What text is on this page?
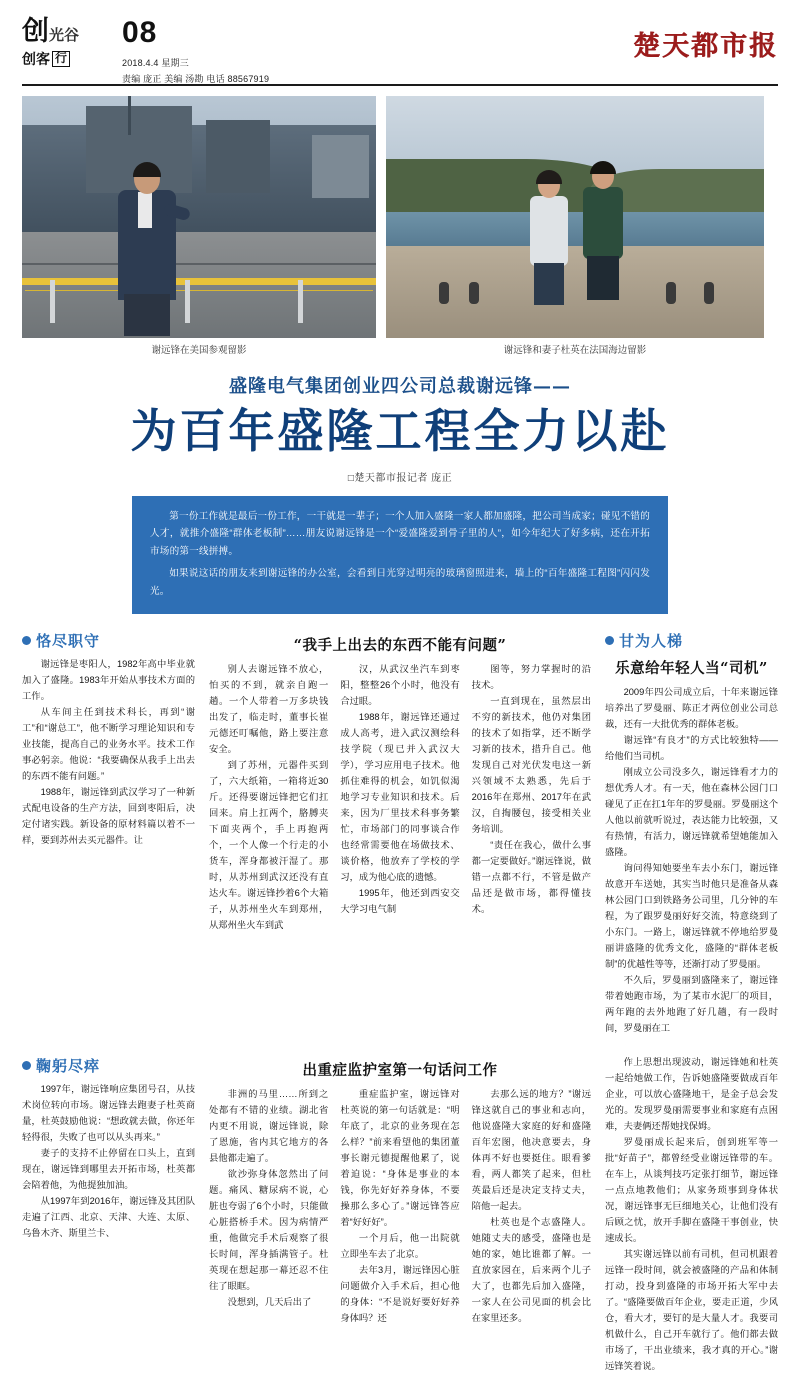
创 光谷
创客 行
08
2018.4.4 星期三
责编 庞正 美编 汤勘 电话 88567919
楚天都市报
谢远锋在美国参观留影	谢远锋和妻子杜英在法国海边留影
盛隆电气集团创业四公司总裁谢远锋——
为百年盛隆工程全力以赴
□楚天都市报记者 庞正

第一份工作就是最后一份工作，一干就是一辈子；一个人加入盛隆一家人都加盛隆，把公司当成家；碰见不错的人才，就推介盛隆“群体老板制”……朋友说谢远锋是一个“爱盛隆爱到骨子里的人”，如今年纪大了好多病，还在开拓市场的第一线拼搏。

如果说这话的朋友来到谢远锋的办公室，会看到日光穿过明亮的玻璃窗照进来，墙上的“百年盛隆工程图”闪闪发光。

恪尽职守

谢远锋是枣阳人，1982年高中毕业就加入了盛隆。1983年开始从事技术方面的工作。

从车间主任到技术科长，再到“谢工”和“谢总工”，他不断学习理论知识和专业技能，提高自己的业务水平。技术工作事必躬亲。他说：“我要确保从我手上出去的东西不能有问题。”

1988年，谢远锋到武汉学习了一种新式配电设备的生产方法，回到枣阳后，决定付诸实践。新设备的原材料篇以着不一样，要到苏州去买元器件。让

“我手上出去的东西不能有问题”

别人去谢远锋不放心，怕买的不到，就亲自跑一趟。一个人带着一万多块钱出发了，临走时，董事长崔元德还叮嘱他，路上要注意安全。

到了苏州，元器件买到了，六大纸箱，一箱将近30斤。还得要谢远锋把它们扛回来。肩上扛两个，胳膊夹下面夹两个，手上再抱两个，一个人像一个行走的小货车，浑身都被汗湿了。那时，从苏州到武汉还没有直达火车。谢远锋抄着6个大箱子，从苏州坐火车到郑州，从郑州坐火车到武

汉，从武汉坐汽车到枣阳，整整26个小时，他没有合过眼。

1988年，谢远锋还通过成人高考，进入武汉测绘科技学院（现已并入武汉大学），学习应用电子技术。他抓住难得的机会，如饥似渴地学习专业知识和技术。后来，因为厂里技术科事务繁忙，市场部门的同事谈合作也经常需要他在场做技术、谈价格，他放弃了学校的学习，成为他心底的遗憾。

1995年，他还到西安交大学习电气制

图等，努力掌握时的沿技术。

一直到现在，虽然层出不穷的新技术，他仍对集团的技术了如指掌，还不断学习新的技术，措升自己。他发现自己对光伏发电这一新兴领域不太熟悉，先后于2016年在郑州、2017年在武汉，自掏腰包，接受相关业务培训。

“责任在我心，做什么事都一定要做好。”谢远锋说，做错一点都不行，不管是做产品还是做市场，都得懂技术。

甘为人梯
乐意给年轻人当“司机”

2009年四公司成立后，十年来谢远锋培养出了罗曼丽、陈正才两位创业公司总裁，还有一大批优秀的群体老板。

谢远锋“有良才”的方式比较独特——给他们当司机。

刚成立公司没多久，谢远锋看才力的想优秀人才。有一天，他在森林公园门口碰见了正在扛1年年的罗曼丽。罗曼丽这个人他以前就听说过，表达能力比较强，又有热情，有活力，谢远锋就希望她能加入盛隆。

询问得知她要坐车去小东门，谢远锋故意开车送她，其实当时他只是准备从森林公园门口到铁路务公司里，几分钟的车程，为了跟罗曼丽好好交流，特意绕到了小东门。一路上，谢远锋就不停地给罗曼丽讲盛隆的优秀文化，盛隆的“群体老板制”的优越性等等，还渐打动了罗曼丽。

不久后，罗曼丽到盛隆来了，谢远锋带着她跑市场，为了某市水泥厂的项目，两年跑的去外地跑了好几趟，有一段时间，罗曼丽在工

鞠躬尽瘁

1997年，谢远锋响应集团号召，从技术岗位转向市场。谢远锋去跑妻子杜英商量，杜英鼓励他说：“想政就去做，你还年轻得很，失败了也可以从头再来。”

妻子的支持不止停留在口头上，直到现在，谢远锋到哪里去开拓市场，杜英都会陪着他，为他提独加油。

从1997年到2016年，谢远锋及其团队走遍了江西、北京、天津、大连、太原、乌鲁木齐、斯里兰卡、

出重症监护室第一句话问工作

非洲的马里……所到之处都有不错的业绩。湖北省内更不用说，谢远锋说，除了恩施，省内其它地方的各县他都走遍了。

欲沙弥身体忽然出了问题。痛风、糖尿病不说，心脏也夸弱了6个小时，只能做心脏搭桥手术。因为病情严重，他做完手术后观察了很长时间，浑身插满管子。杜英现在想起那一幕还忍不住往了眼眶。

没想到，几天后出了

重症监护室，谢远锋对杜英说的第一句话就是：“明年底了，北京的业务现在怎么样？”前来看望他的集团董事长谢元德提醒他累了，说着迫说：“身体是事业的本钱，你先好好养身体，不要操那么多心了。”谢远锋答应着“好好好”。

一个月后，他一出院就立即坐车去了北京。

去年3月，谢远锋因心脏问题做介入手术后，担心他的身体：“不是说好要好好养身体吗？还

去那么远的地方？”谢远锋这就自己的事业和志向，他说盛隆大家庭的好和盛隆百年宏图，他决意要去，身体再不好也要挺住。眼看爹看，两人都笑了起来，但杜英最后还是决定支持丈夫，陪他一起去。

杜英也是个志盛隆人。她随丈夫的感受，盛隆也是她的家，她比谁都了解。一直放家园在，后来两个儿子大了，也都先后加入盛隆，一家人在公司见面的机会比在家里还多。

作上思想出现波动，谢远锋她和杜英一起给她做工作，告诉她盛隆要做成百年企业，可以放心盛隆地干，是金子总会发光的。发现罗曼丽需要事业和家庭有点困难，夫妻俩还帮她找保姆。

罗曼丽成长起来后，创到班军等一批“好苗子”，都曾经受业谢远锋带的车。在车上，从谈判技巧定张打细节，谢远锋一点点地教他们；从家务琐事到身体状况，谢远锋事无巨细地关心，让他们没有后顾之忧，放开手脚在盛隆干事创业，快速成长。

其实谢远锋以前有司机，但司机跟着远锋一段时间，就会被盛隆的产品和体制打动，投身到盛隆的市场开拓大军中去了。“盛隆要做百年企业，要走正道，少风仓，看大才，要钉的是大量人才。我要司机做什么，自己开车就行了。他们都去做市场了，干出业绩来，我才真的开心。”谢远锋笑着说。
